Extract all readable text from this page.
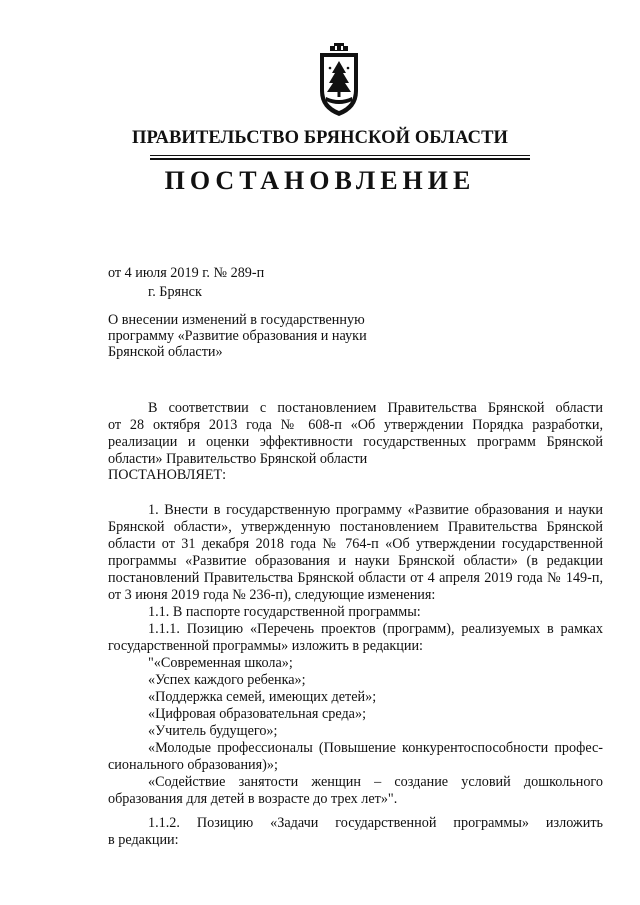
ПРАВИТЕЛЬСТВО БРЯНСКОЙ ОБЛАСТИ
ПОСТАНОВЛЕНИЕ
от 4 июля 2019 г. № 289-п
г. Брянск
О внесении изменений в государственную
программу «Развитие образования и науки
Брянской области»
В соответствии с постановлением Правительства Брянской области
от 28 октября 2013 года № 608-п «Об утверждении Порядка разработки,
реализации и оценки эффективности государственных программ Брянской
области» Правительство Брянской области
ПОСТАНОВЛЯЕТ:
1. Внести в государственную программу «Развитие образования и науки
Брянской области», утвержденную постановлением Правительства Брянской
области от 31 декабря 2018 года № 764-п «Об утверждении государственной
программы «Развитие образования и науки Брянской области» (в редакции
постановлений Правительства Брянской области от 4 апреля 2019 года № 149-п,
от 3 июня 2019 года № 236-п), следующие изменения:
1.1. В паспорте государственной программы:
1.1.1. Позицию «Перечень проектов (программ), реализуемых в рамках
государственной программы» изложить в редакции:
"«Современная школа»;
«Успех каждого ребенка»;
«Поддержка семей, имеющих детей»;
«Цифровая образовательная среда»;
«Учитель будущего»;
«Молодые профессионалы (Повышение конкурентоспособности профес-
сионального образования)»;
«Содействие занятости женщин – создание условий дошкольного
образования для детей в возрасте до трех лет»".
1.1.2. Позицию «Задачи государственной программы» изложить
в редакции:
